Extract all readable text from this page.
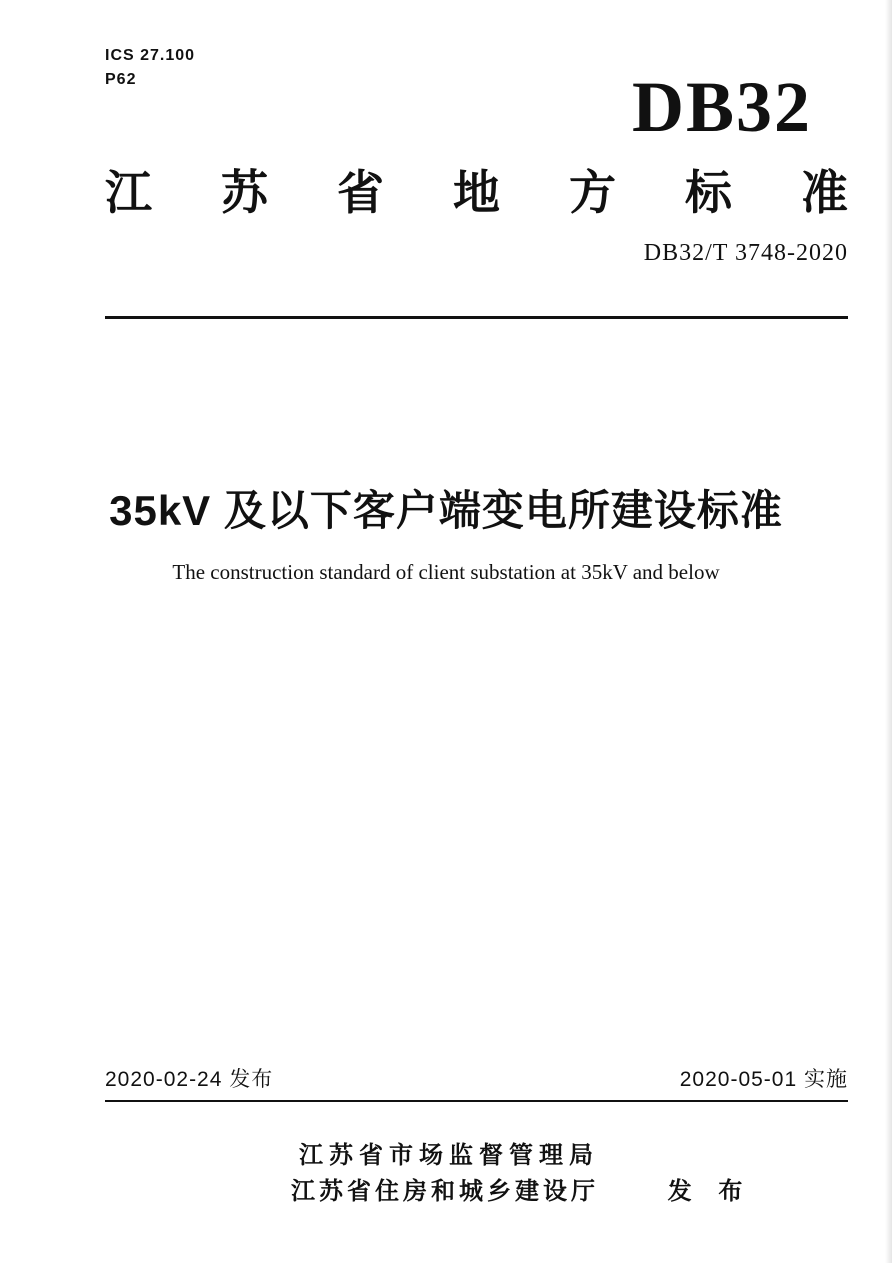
ICS 27.100
P62	DB32
江 苏 省 地 方 标 准
DB32/T 3748-2020
35kV 及以下客户端变电所建设标准
The construction standard of client substation at 35kV and below
2020-02-24 发布	2020-05-01 实施
江苏省市场监督管理局
江苏省住房和城乡建设厅	发 布
